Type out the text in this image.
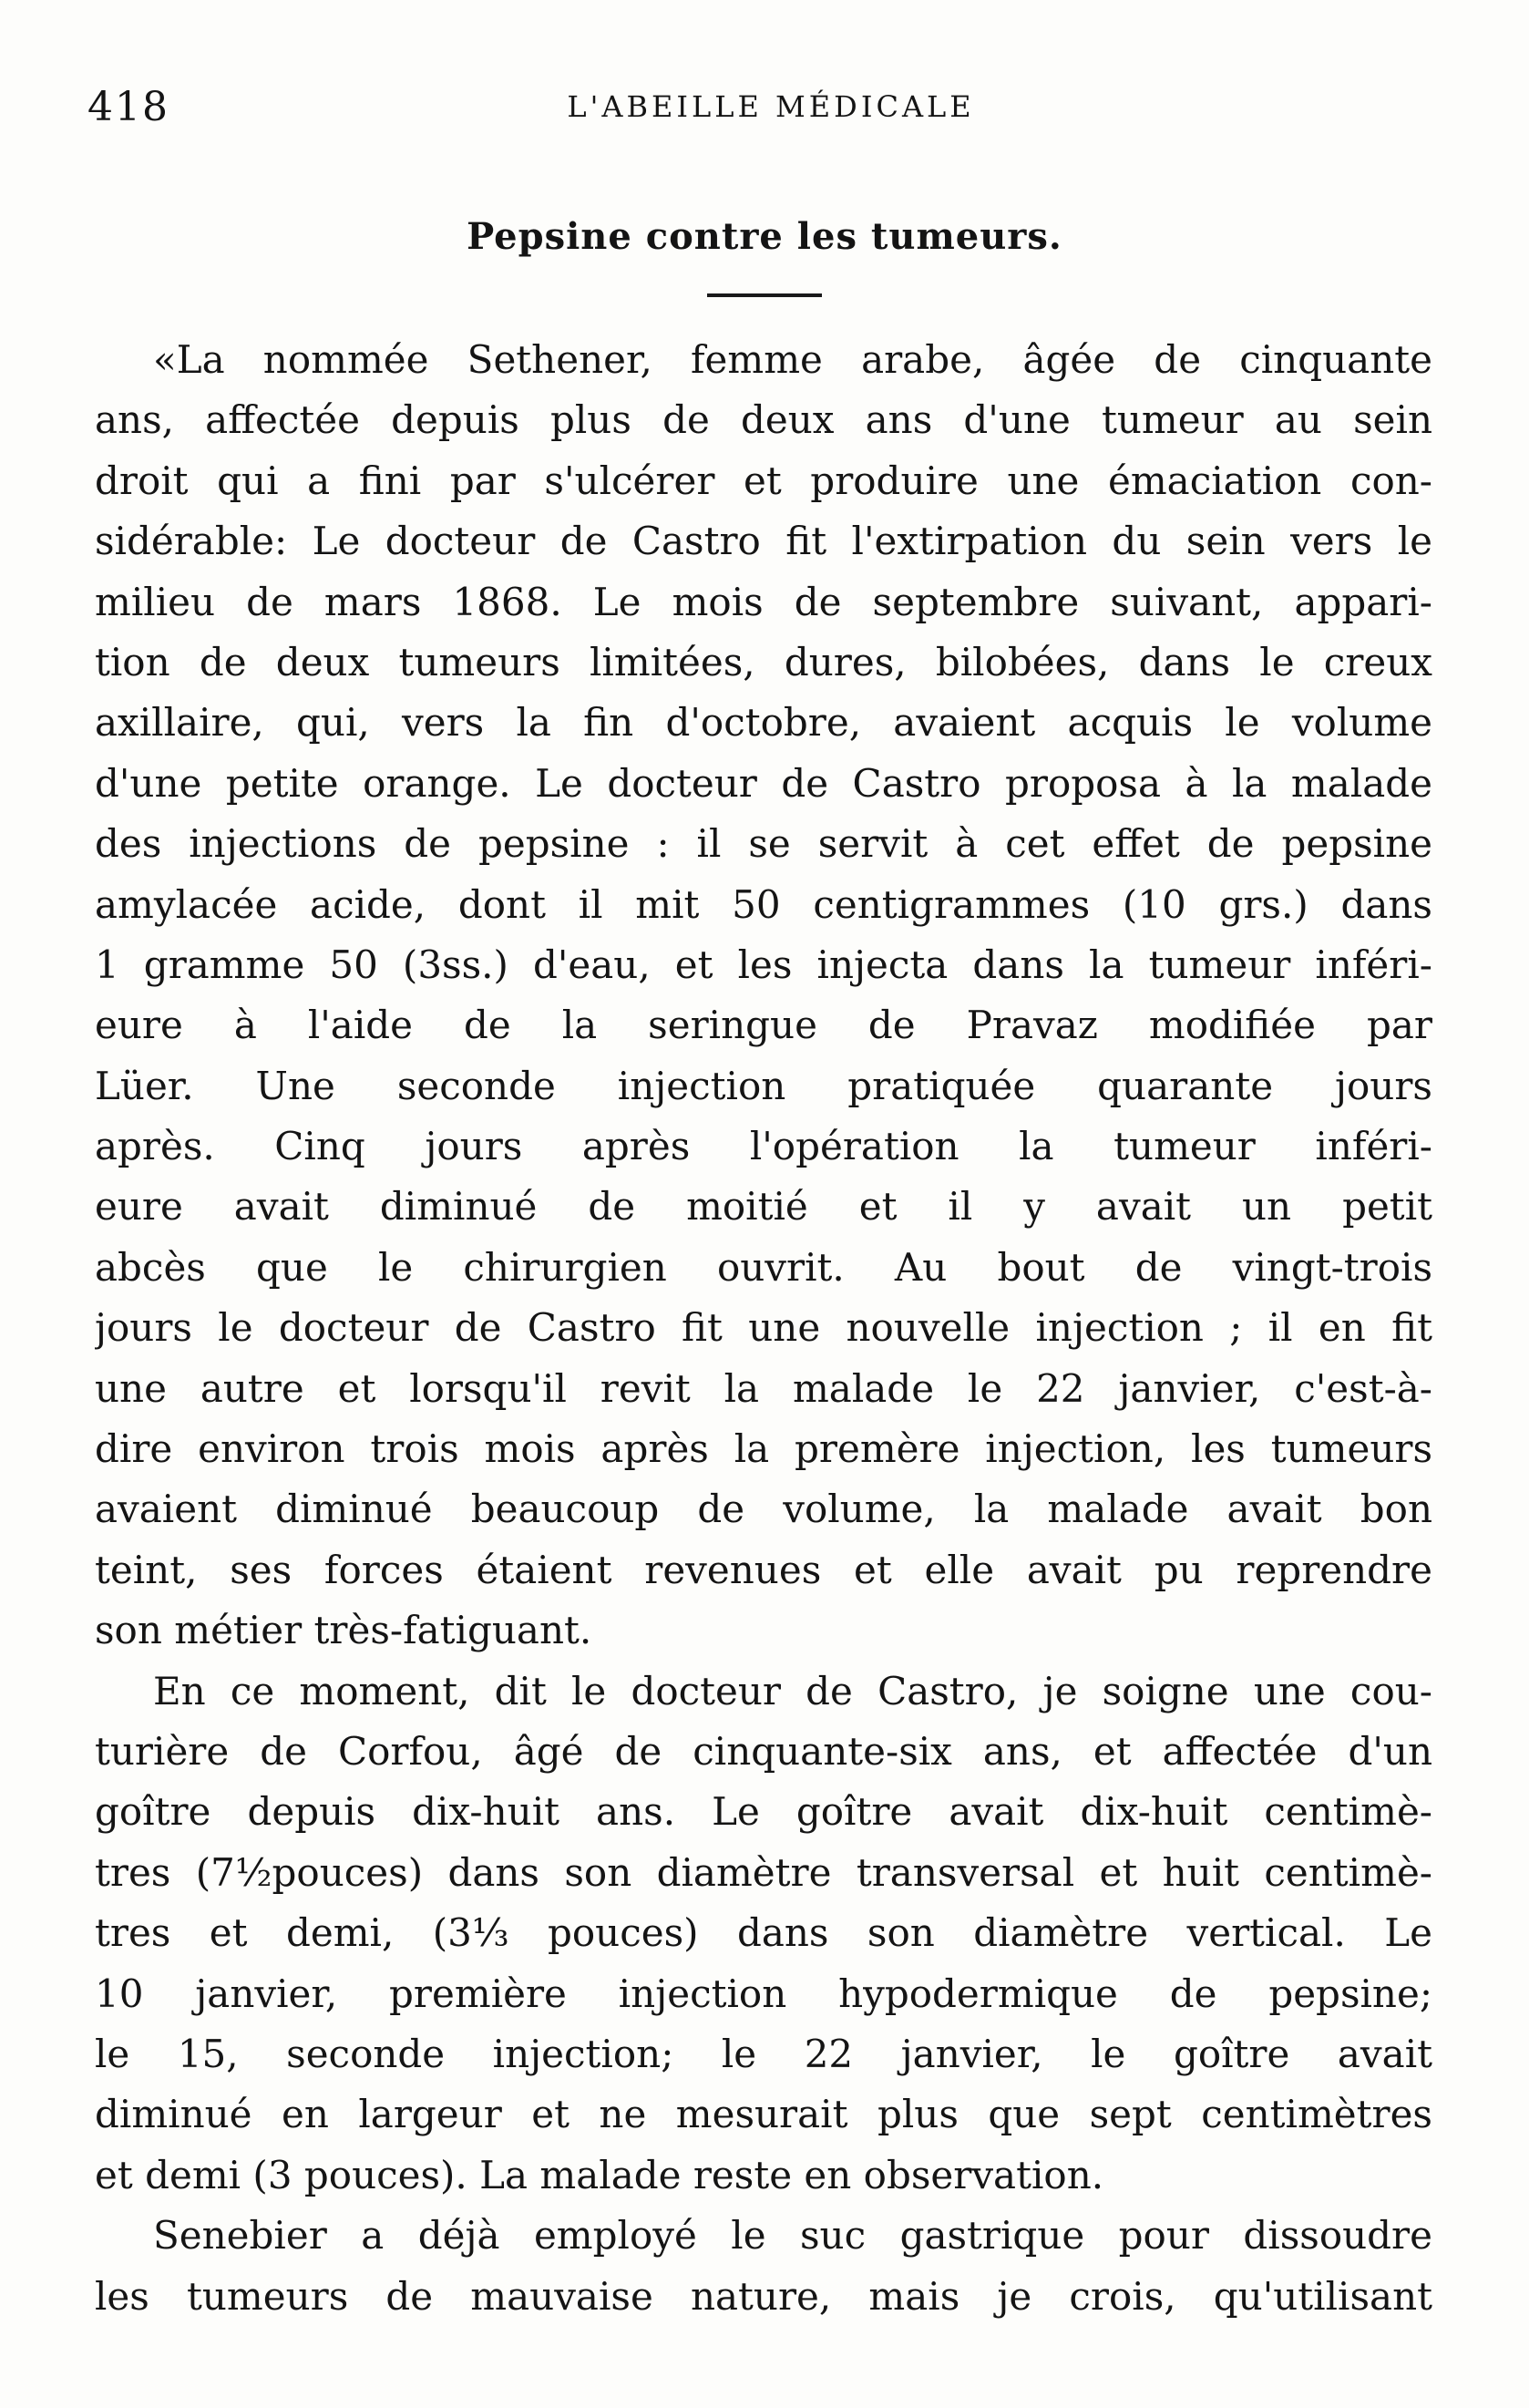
418	L'ABEILLE MÉDICALE
Pepsine contre les tumeurs.
«La nommée Sethener, femme arabe, âgée de cinquante
ans, affectée depuis plus de deux ans d'une tumeur au sein
droit qui a fini par s'ulcérer et produire une émaciation con-
sidérable: Le docteur de Castro fit l'extirpation du sein vers le
milieu de mars 1868. Le mois de septembre suivant, appari-
tion de deux tumeurs limitées, dures, bilobées, dans le creux
axillaire, qui, vers la fin d'octobre, avaient acquis le volume
d'une petite orange. Le docteur de Castro proposa à la malade
des injections de pepsine : il se servit à cet effet de pepsine
amylacée acide, dont il mit 50 centigrammes (10 grs.) dans
1 gramme 50 (3ss.) d'eau, et les injecta dans la tumeur inféri-
eure à l'aide de la seringue de Pravaz modifiée par
Lüer. Une seconde injection pratiquée quarante jours
après. Cinq jours après l'opération la tumeur inféri-
eure avait diminué de moitié et il y avait un petit
abcès que le chirurgien ouvrit. Au bout de vingt-trois
jours le docteur de Castro fit une nouvelle injection ; il en fit
une autre et lorsqu'il revit la malade le 22 janvier, c'est-à-
dire environ trois mois après la premère injection, les tumeurs
avaient diminué beaucoup de volume, la malade avait bon
teint, ses forces étaient revenues et elle avait pu reprendre
son métier très-fatiguant.
En ce moment, dit le docteur de Castro, je soigne une cou-
turière de Corfou, âgé de cinquante-six ans, et affectée d'un
goître depuis dix-huit ans. Le goître avait dix-huit centimè-
tres (7½pouces) dans son diamètre transversal et huit centimè-
tres et demi, (3⅓ pouces) dans son diamètre vertical. Le
10 janvier, première injection hypodermique de pepsine;
le 15, seconde injection; le 22 janvier, le goître avait
diminué en largeur et ne mesurait plus que sept centimètres
et demi (3 pouces). La malade reste en observation.
Senebier a déjà employé le suc gastrique pour dissoudre
les tumeurs de mauvaise nature, mais je crois, qu'utilisant
